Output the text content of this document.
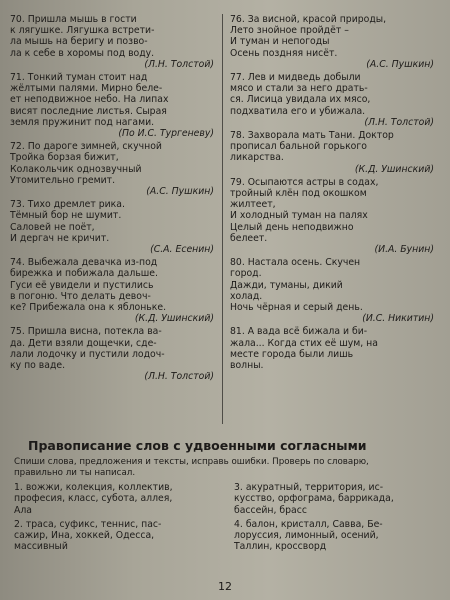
70. Пришла мышь в гости
к лягушке. Лягушка встрети-
ла мышь на беригу и позво-
ла к себе в хоромы под воду.
(Л.Н. Толстой)
71. Тонкий туман стоит над
жёлтыми палями. Мирно беле-
ет неподвижное небо. На липах
висят последние листья. Сырая
земля пружинит под нагами.
(По И.С. Тургеневу)
72. По дароге зимней, скучной
Тройка борзая бижит,
Колакольчик однозвучный
Утомительно гремит.
(А.С. Пушкин)
73. Тихо дремлет рика.
Тёмный бор не шумит.
Саловей не поёт,
И дергач не кричит.
(С.А. Есенин)
74. Выбежала девачка из-под
бирежка и побижала дальше.
Гуси её увидели и пустились
в погоню. Что делать девоч-
ке? Прибежала она к яблоньке.
(К.Д. Ушинский)
75. Пришла висна, потекла ва-
да. Дети взяли дощечки, сде-
лали лодочку и пустили лодоч-
ку по ваде.
(Л.Н. Толстой)
76. За висной, красой природы,
Лето знойное пройдёт –
И туман и непогоды
Осень поздняя нисёт.
(А.С. Пушкин)
77. Лев и мидведь добыли
мясо и стали за него драть-
ся. Лисица увидала их мясо,
подхватила его и убижала.
(Л.Н. Толстой)
78. Захворала мать Тани. Доктор
прописал бальной горького
ликарства.
(К.Д. Ушинский)
79. Осыпаются астры в содах,
тройный клён под окошком
жилтеет,
И холодный туман на палях
Целый день неподвижно
белеет.
(И.А. Бунин)
80. Настала осень. Скучен
город.
Дажди, туманы, дикий
холад.
Ночь чёрная и серый день.
(И.С. Никитин)
81. А вада всё бижала и би-
жала... Когда стих её шум, на
месте города были лишь
волны.
Правописание слов с удвоенными согласными
Спиши слова, предложения и тексты, исправь ошибки. Проверь по словарю,
правильно ли ты написал.
1. вожжи, колекция, коллектив,
професия, класс, субота, аллея,
Ала
2. траса, суфикс, теннис, пас-
сажир, Ина, хоккей, Одесса,
массивный
3. акуратный, территория, ис-
кусство, орфограма, баррикада,
бассейн, брасс
4. балон, кристалл, Савва, Бе-
лоруссия, лимонный, осений,
Таллин, кроссворд
12
